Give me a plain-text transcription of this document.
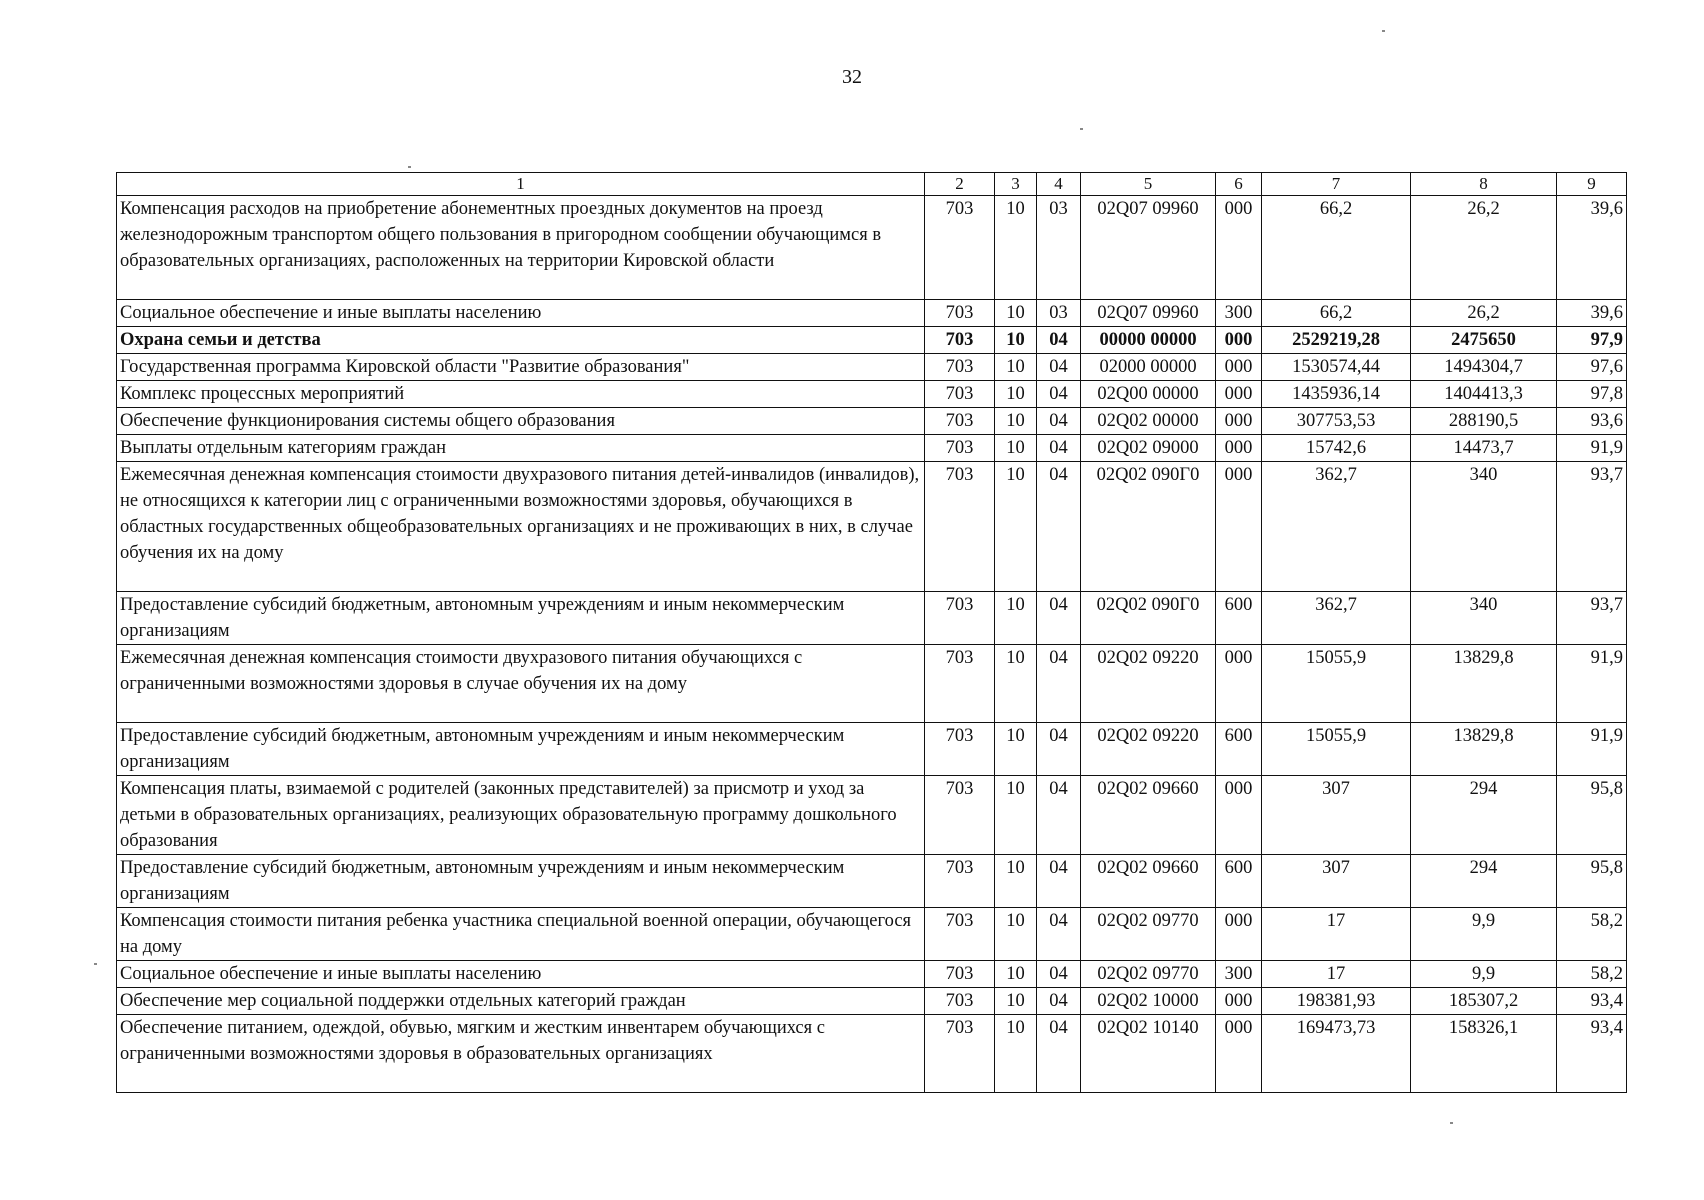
32
1	2	3	4	5	6	7	8	9
Компенсация расходов на приобретение абонементных проездных документов на проезд железнодорожным транспортом общего пользования в пригородном сообщении обучающимся в образовательных организациях, расположенных на территории Кировской области	703	10	03	02Q07 09960	000	66,2	26,2	39,6
Социальное обеспечение и иные выплаты населению	703	10	03	02Q07 09960	300	66,2	26,2	39,6
Охрана семьи и детства	703	10	04	00000 00000	000	2529219,28	2475650	97,9
Государственная программа Кировской области "Развитие образования"	703	10	04	02000 00000	000	1530574,44	1494304,7	97,6
Комплекс процессных мероприятий	703	10	04	02Q00 00000	000	1435936,14	1404413,3	97,8
Обеспечение функционирования системы общего образования	703	10	04	02Q02 00000	000	307753,53	288190,5	93,6
Выплаты отдельным категориям граждан	703	10	04	02Q02 09000	000	15742,6	14473,7	91,9
Ежемесячная денежная компенсация стоимости двухразового питания детей-инвалидов (инвалидов), не относящихся к категории лиц с ограниченными возможностями здоровья, обучающихся в областных государственных общеобразовательных организациях и не проживающих в них, в случае обучения их на дому	703	10	04	02Q02 090Г0	000	362,7	340	93,7
Предоставление субсидий бюджетным, автономным учреждениям и иным некоммерческим организациям	703	10	04	02Q02 090Г0	600	362,7	340	93,7
Ежемесячная денежная компенсация стоимости двухразового питания обучающихся с ограниченными возможностями здоровья в случае обучения их на дому	703	10	04	02Q02 09220	000	15055,9	13829,8	91,9
Предоставление субсидий бюджетным, автономным учреждениям и иным некоммерческим организациям	703	10	04	02Q02 09220	600	15055,9	13829,8	91,9
Компенсация платы, взимаемой с родителей (законных представителей) за присмотр и уход за детьми в образовательных организациях, реализующих образовательную программу дошкольного образования	703	10	04	02Q02 09660	000	307	294	95,8
Предоставление субсидий бюджетным, автономным учреждениям и иным некоммерческим организациям	703	10	04	02Q02 09660	600	307	294	95,8
Компенсация стоимости питания ребенка участника специальной военной операции, обучающегося на дому	703	10	04	02Q02 09770	000	17	9,9	58,2
Социальное обеспечение и иные выплаты населению	703	10	04	02Q02 09770	300	17	9,9	58,2
Обеспечение мер социальной поддержки отдельных категорий граждан	703	10	04	02Q02 10000	000	198381,93	185307,2	93,4
Обеспечение питанием, одеждой, обувью, мягким и жестким инвентарем обучающихся с ограниченными возможностями здоровья в образовательных организациях	703	10	04	02Q02 10140	000	169473,73	158326,1	93,4
